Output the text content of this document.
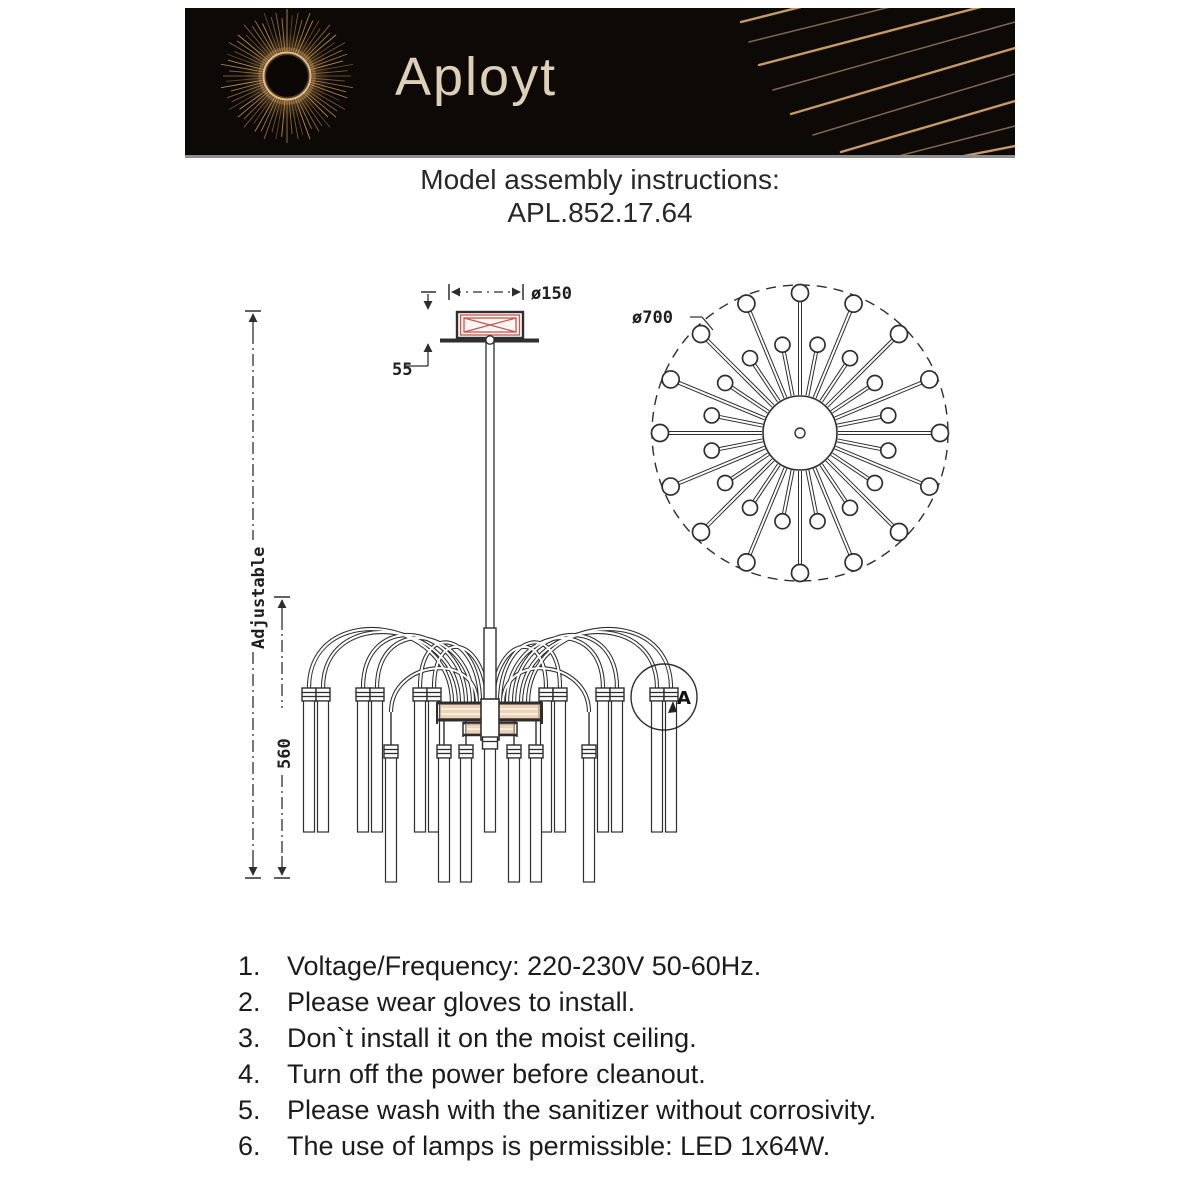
Aployt
Model assembly instructions:
APL.852.17.64
ø150
55
Adjustable
560
ø700
A
1. Voltage/Frequency: 220-230V 50-60Hz.
2. Please wear gloves to install.
3. Don`t install it on the moist ceiling.
4. Turn off the power before cleanout.
5. Please wash with the sanitizer without corrosivity.
6. The use of lamps is permissible: LED 1x64W.
